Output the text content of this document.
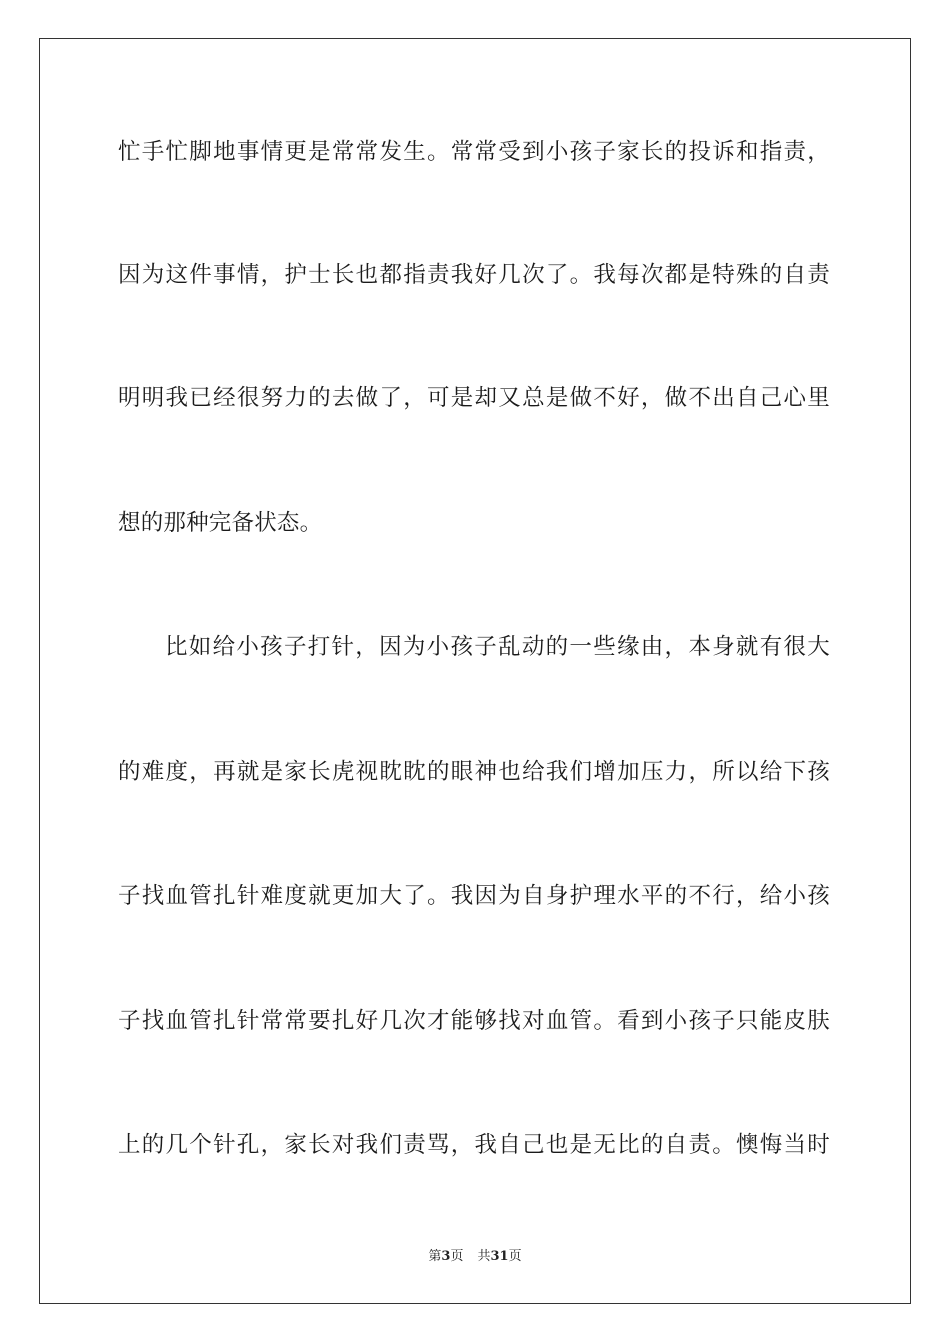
忙手忙脚地事情更是常常发生。常常受到小孩子家长的投诉和指责，
因为这件事情，护士长也都指责我好几次了。我每次都是特殊的自责
明明我已经很努力的去做了，可是却又总是做不好，做不出自己心里
想的那种完备状态。
比如给小孩子打针，因为小孩子乱动的一些缘由，本身就有很大
的难度，再就是家长虎视眈眈的眼神也给我们增加压力，所以给下孩
子找血管扎针难度就更加大了。我因为自身护理水平的不行，给小孩
子找血管扎针常常要扎好几次才能够找对血管。看到小孩子只能皮肤
上的几个针孔，家长对我们责骂，我自己也是无比的自责。懊悔当时
第3页 共31页
